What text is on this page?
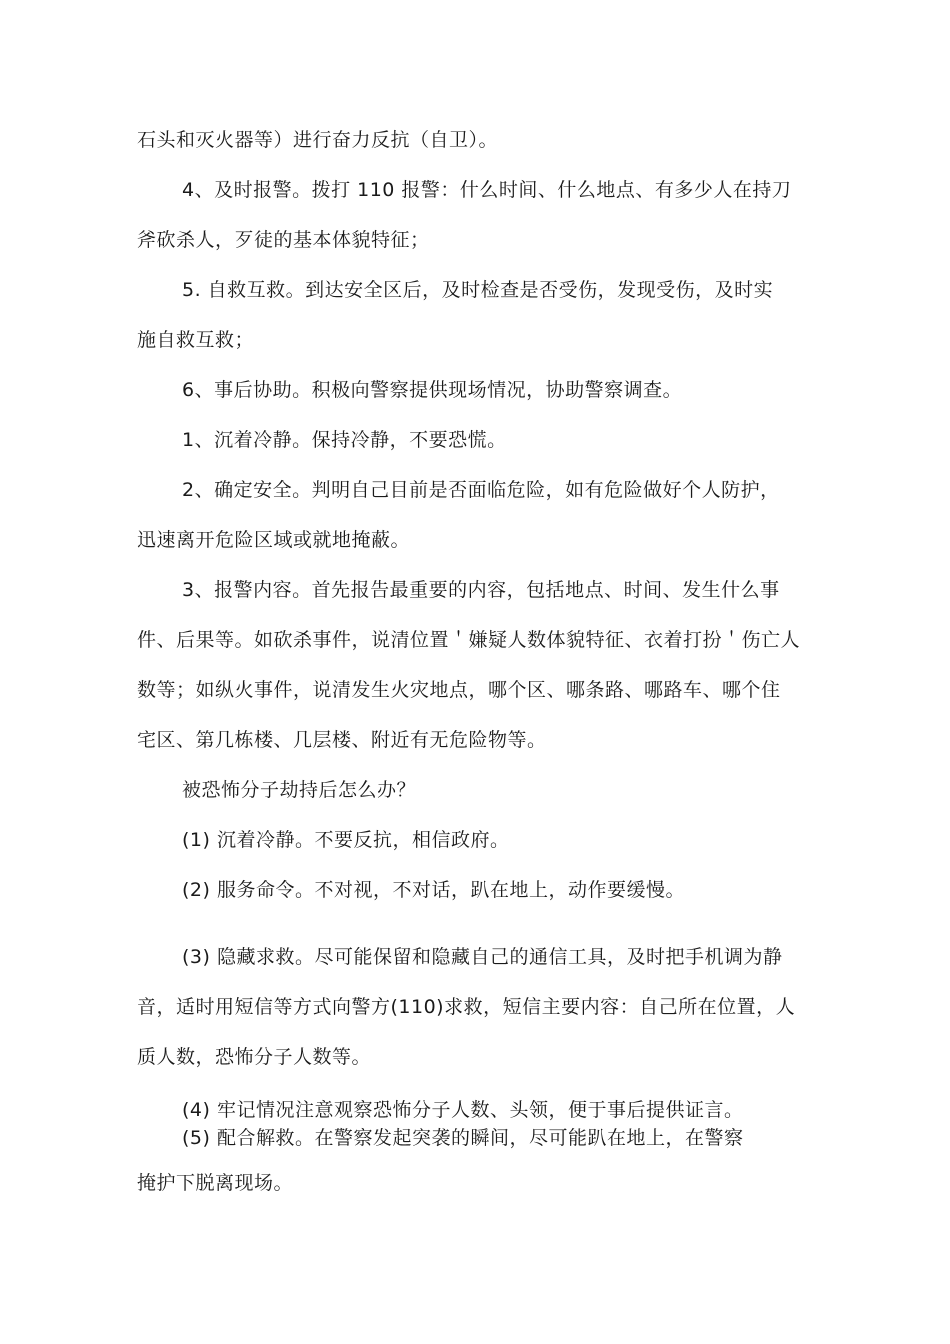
石头和灭火器等）进行奋力反抗（自卫）。
4、及时报警。拨打 110 报警：什么时间、什么地点、有多少人在持刀
斧砍杀人，歹徒的基本体貌特征；
5. 自救互救。到达安全区后，及时检查是否受伤，发现受伤，及时实
施自救互救；
6、事后协助。积极向警察提供现场情况，协助警察调查。
1、沉着冷静。保持冷静，不要恐慌。
2、确定安全。判明自己目前是否面临危险，如有危险做好个人防护，
迅速离开危险区域或就地掩蔽。
3、报警内容。首先报告最重要的内容，包括地点、时间、发生什么事
件、后果等。如砍杀事件，说清位置＇嫌疑人数体貌特征、衣着打扮＇伤亡人
数等；如纵火事件，说清发生火灾地点，哪个区、哪条路、哪路车、哪个住
宅区、第几栋楼、几层楼、附近有无危险物等。
被恐怖分子劫持后怎么办？
(1) 沉着冷静。不要反抗，相信政府。
(2) 服务命令。不对视，不对话，趴在地上，动作要缓慢。
(3) 隐藏求救。尽可能保留和隐藏自己的通信工具，及时把手机调为静
音，适时用短信等方式向警方(110)求救，短信主要内容：自己所在位置，人
质人数，恐怖分子人数等。
(4) 牢记情况注意观察恐怖分子人数、头领，便于事后提供证言。
(5) 配合解救。在警察发起突袭的瞬间，尽可能趴在地上，在警察
掩护下脱离现场。
